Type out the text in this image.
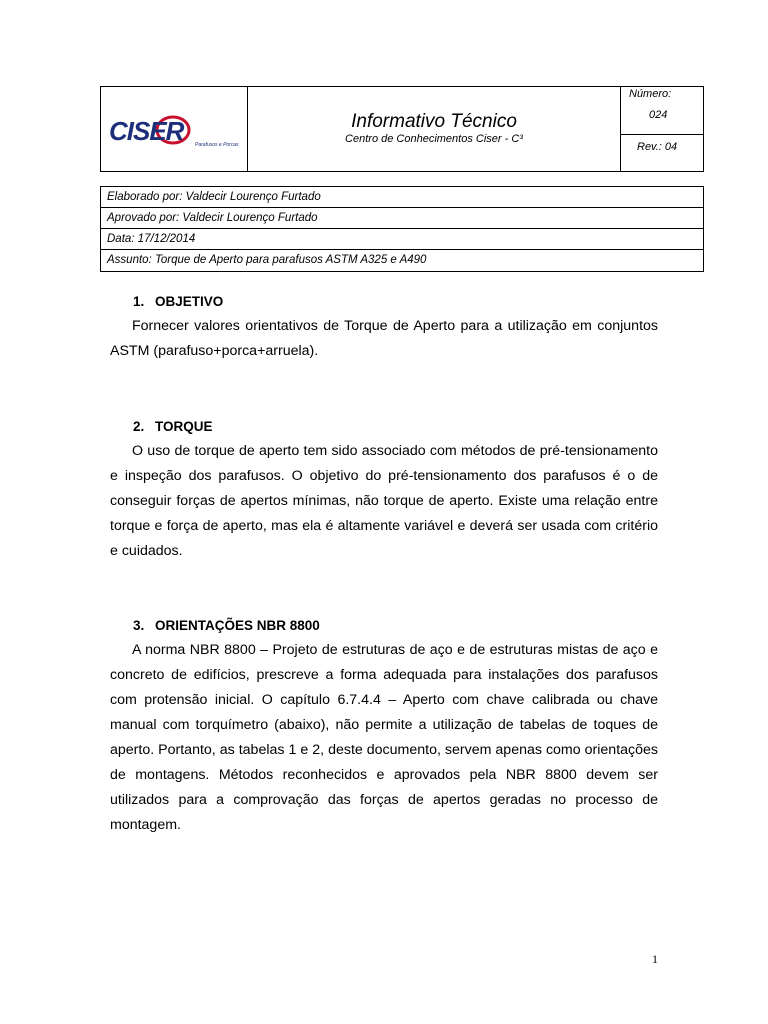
CISER Parafusos e Porcas
Informativo Técnico
Centro de Conhecimentos Ciser - C³
Número:
024
Rev.: 04
Elaborado por: Valdecir Lourenço Furtado
Aprovado por: Valdecir Lourenço Furtado
Data: 17/12/2014
Assunto: Torque de Aperto para parafusos ASTM A325 e A490
1. OBJETIVO

Fornecer valores orientativos de Torque de Aperto para a utilização em conjuntos ASTM (parafuso+porca+arruela).

2. TORQUE

O uso de torque de aperto tem sido associado com métodos de pré-tensionamento e inspeção dos parafusos. O objetivo do pré-tensionamento dos parafusos é o de conseguir forças de apertos mínimas, não torque de aperto. Existe uma relação entre torque e força de aperto, mas ela é altamente variável e deverá ser usada com critério e cuidados.

3. ORIENTAÇÕES NBR 8800

A norma NBR 8800 – Projeto de estruturas de aço e de estruturas mistas de aço e concreto de edifícios, prescreve a forma adequada para instalações dos parafusos com protensão inicial. O capítulo 6.7.4.4 – Aperto com chave calibrada ou chave manual com torquímetro (abaixo), não permite a utilização de tabelas de toques de aperto. Portanto, as tabelas 1 e 2, deste documento, servem apenas como orientações de montagens. Métodos reconhecidos e aprovados pela NBR 8800 devem ser utilizados para a comprovação das forças de apertos geradas no processo de montagem.

1
